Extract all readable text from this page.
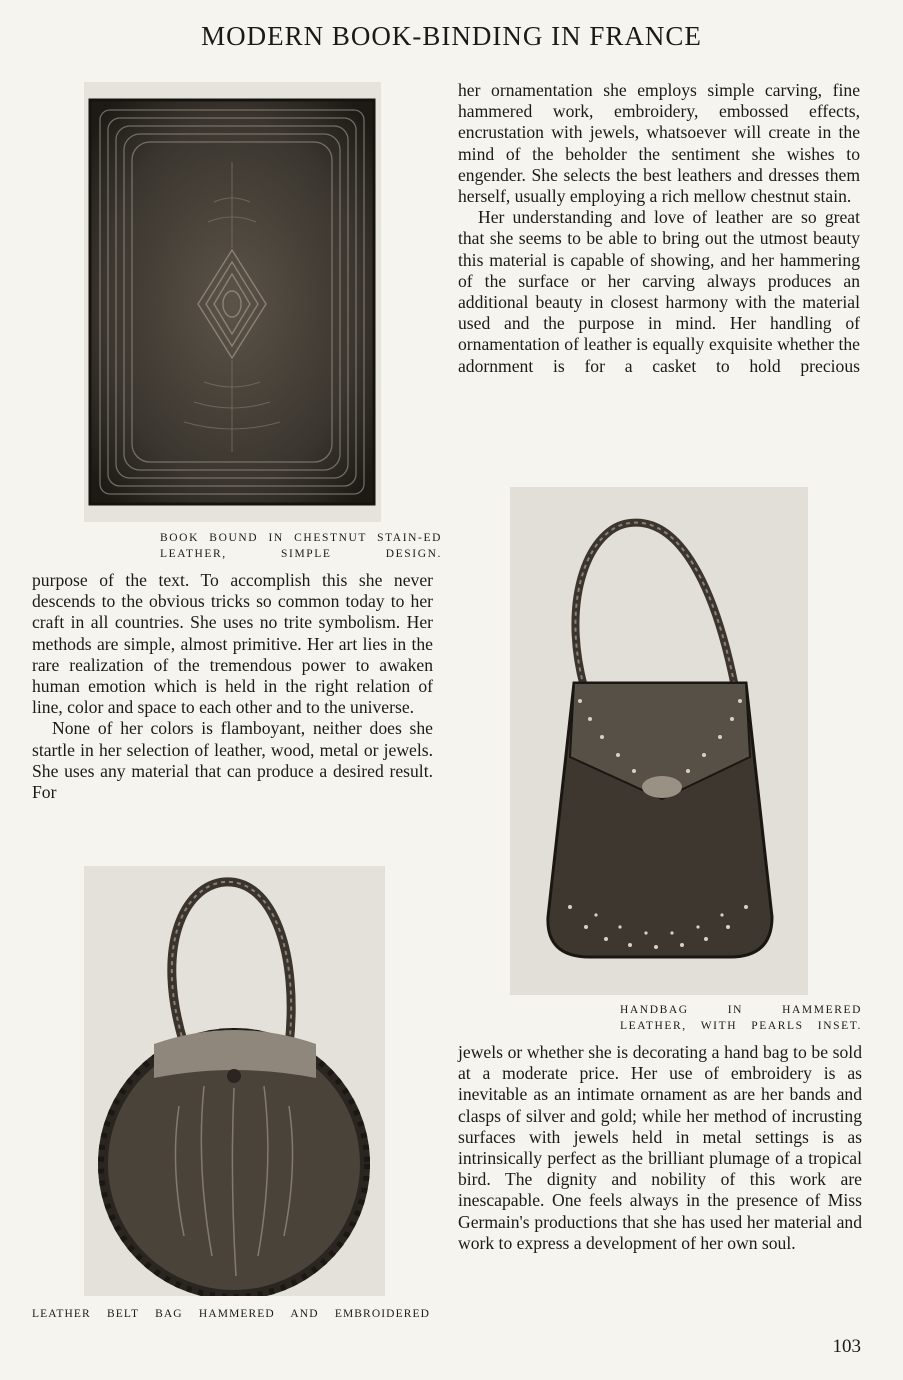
MODERN BOOK-BINDING IN FRANCE
BOOK BOUND IN CHESTNUT STAIN-ED LEATHER, SIMPLE DESIGN.

purpose of the text. To accomplish this she never descends to the obvious tricks so common today to her craft in all countries. She uses no trite symbolism. Her methods are simple, almost primitive. Her art lies in the rare realization of the tremendous power to awaken human emotion which is held in the right relation of line, color and space to each other and to the universe.

None of her colors is flamboyant, neither does she startle in her selection of leather, wood, metal or jewels. She uses any material that can produce a desired result. For

LEATHER BELT BAG HAMMERED AND EMBROIDERED

her ornamentation she employs simple carving, fine hammered work, embroidery, embossed effects, encrustation with jewels, whatsoever will create in the mind of the beholder the sentiment she wishes to engender. She selects the best leathers and dresses them herself, usually employing a rich mellow chestnut stain.

Her understanding and love of leather are so great that she seems to be able to bring out the utmost beauty this material is capable of showing, and her hammering of the surface or her carving always produces an additional beauty in closest harmony with the material used and the purpose in mind. Her handling of ornamentation of leather is equally exquisite whether the adornment is for a casket to hold precious

HANDBAG IN HAMMERED LEATHER, WITH PEARLS INSET.

jewels or whether she is decorating a hand bag to be sold at a moderate price. Her use of embroidery is as inevitable as an intimate ornament as are her bands and clasps of silver and gold; while her method of incrusting surfaces with jewels held in metal settings is as intrinsically perfect as the brilliant plumage of a tropical bird. The dignity and nobility of this work are inescapable. One feels always in the presence of Miss Germain's productions that she has used her material and work to express a development of her own soul.

103
